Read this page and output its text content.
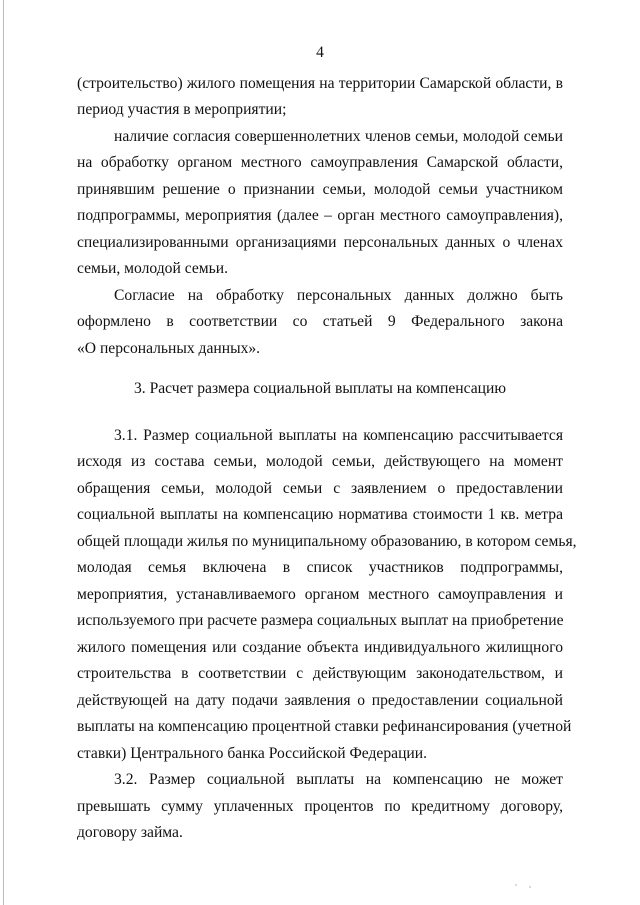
4
(строительство) жилого помещения на территории Самарской области, в
период участия в мероприятии;
наличие согласия совершеннолетних членов семьи, молодой семьи
на обработку органом местного самоуправления Самарской области,
принявшим решение о признании семьи, молодой семьи участником
подпрограммы, мероприятия (далее – орган местного самоуправления),
специализированными организациями персональных данных о членах
семьи, молодой семьи.
Согласие на обработку персональных данных должно быть
оформлено в соответствии со статьей 9 Федерального закона
«О персональных данных».
3. Расчет размера социальной выплаты на компенсацию
3.1. Размер социальной выплаты на компенсацию рассчитывается
исходя из состава семьи, молодой семьи, действующего на момент
обращения семьи, молодой семьи с заявлением о предоставлении
социальной выплаты на компенсацию норматива стоимости 1 кв. метра
общей площади жилья по муниципальному образованию, в котором семья,
молодая семья включена в список участников подпрограммы,
мероприятия, устанавливаемого органом местного самоуправления и
используемого при расчете размера социальных выплат на приобретение
жилого помещения или создание объекта индивидуального жилищного
строительства в соответствии с действующим законодательством, и
действующей на дату подачи заявления о предоставлении социальной
выплаты на компенсацию процентной ставки рефинансирования (учетной
ставки) Центрального банка Российской Федерации.
3.2. Размер социальной выплаты на компенсацию не может
превышать сумму уплаченных процентов по кредитному договору,
договору займа.
